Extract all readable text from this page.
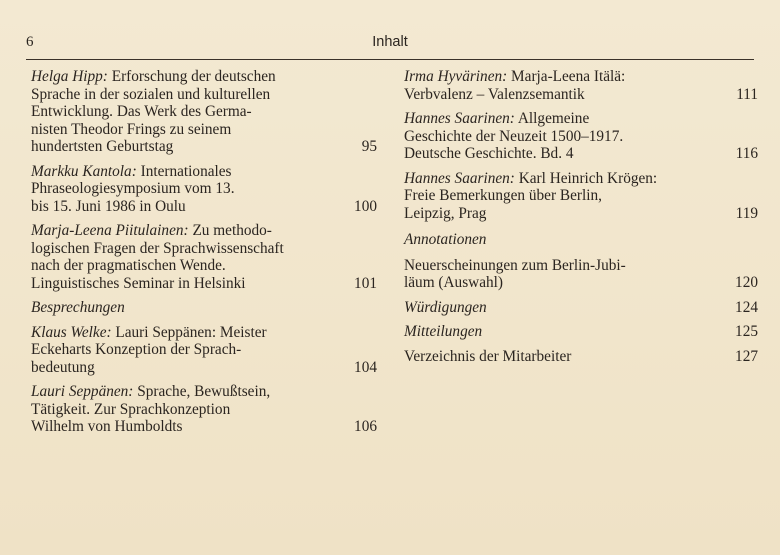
6	Inhalt
Helga Hipp: Erforschung der deutschen
Sprache in der sozialen und kulturellen
Entwicklung. Das Werk des Germa-
nisten Theodor Frings zu seinem
hundertsten Geburtstag	95
Markku Kantola: Internationales
Phraseologiesymposium vom 13.
bis 15. Juni 1986 in Oulu	100
Marja-Leena Piitulainen: Zu methodo-
logischen Fragen der Sprachwissenschaft
nach der pragmatischen Wende.
Linguistisches Seminar in Helsinki	101
Besprechungen
Klaus Welke: Lauri Seppänen: Meister
Eckeharts Konzeption der Sprach-
bedeutung	104
Lauri Seppänen: Sprache, Bewußtsein,
Tätigkeit. Zur Sprachkonzeption
Wilhelm von Humboldts	106
Irma Hyvärinen: Marja-Leena Itälä:
Verbvalenz – Valenzsemantik	111
Hannes Saarinen: Allgemeine
Geschichte der Neuzeit 1500–1917.
Deutsche Geschichte. Bd. 4	116
Hannes Saarinen: Karl Heinrich Krögen:
Freie Bemerkungen über Berlin,
Leipzig, Prag	119
Annotationen
Neuerscheinungen zum Berlin-Jubi-
läum (Auswahl)	120
Würdigungen	124
Mitteilungen	125
Verzeichnis der Mitarbeiter	127
